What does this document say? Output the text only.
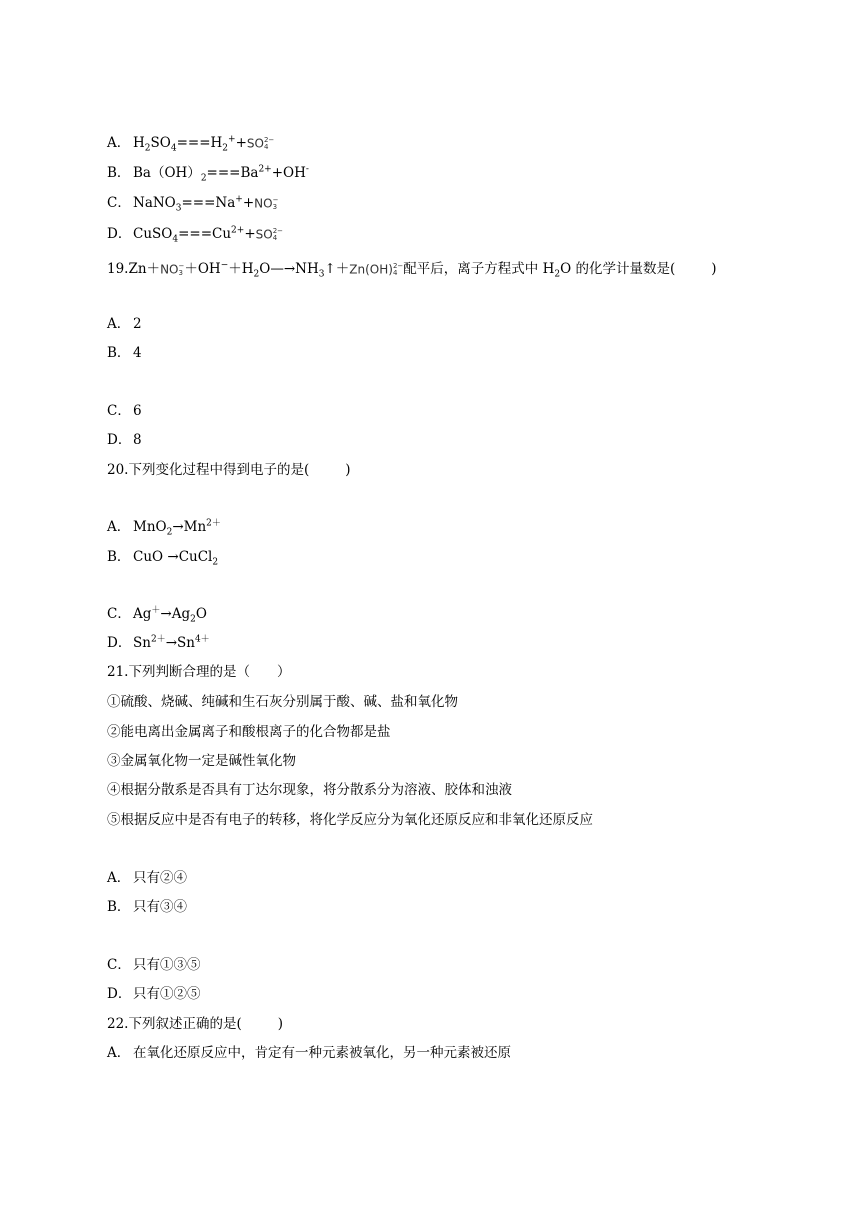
A． $H_2SO_4===H_2^++SO$ 2−
4
B． $Ba(OH)_2===Ba^{2+}+OH^-$
C． NaNO$_3$===Na++NO −
3
D． $CuSO_4===Cu^{2+}+SO$ 2−
4
19.Zn＋NO −
$3 +OH^-+H_2O—\to NH_3↑+Zn(OH)$ 2−
4 配平后，离子方程式中 $H_2O$ 的化学计量数是(	)
A． 2
B． 4
C． 6
D． 8
20.下列变化过程中得到电子的是(	)
A． $MnO_2\to Mn^{2+}$
B． CuO →CuCl$_2$
C． $Ag^+\to Ag_2O$
D． $Sn^{2+}\to Sn^{4+}$
21.下列判断合理的是（　　）
①硫酸、烧碱、纯碱和生石灰分别属于酸、碱、盐和氧化物
②能电离出金属离子和酸根离子的化合物都是盐
③金属氧化物一定是碱性氧化物
④根据分散系是否具有丁达尔现象，将分散系分为溶液、胶体和浊液
⑤根据反应中是否有电子的转移，将化学反应分为氧化还原反应和非氧化还原反应
A． 只有②④
B． 只有③④
C． 只有①③⑤
D． 只有①②⑤
22.下列叙述正确的是(	)
A． 在氧化还原反应中，肯定有一种元素被氧化，另一种元素被还原
